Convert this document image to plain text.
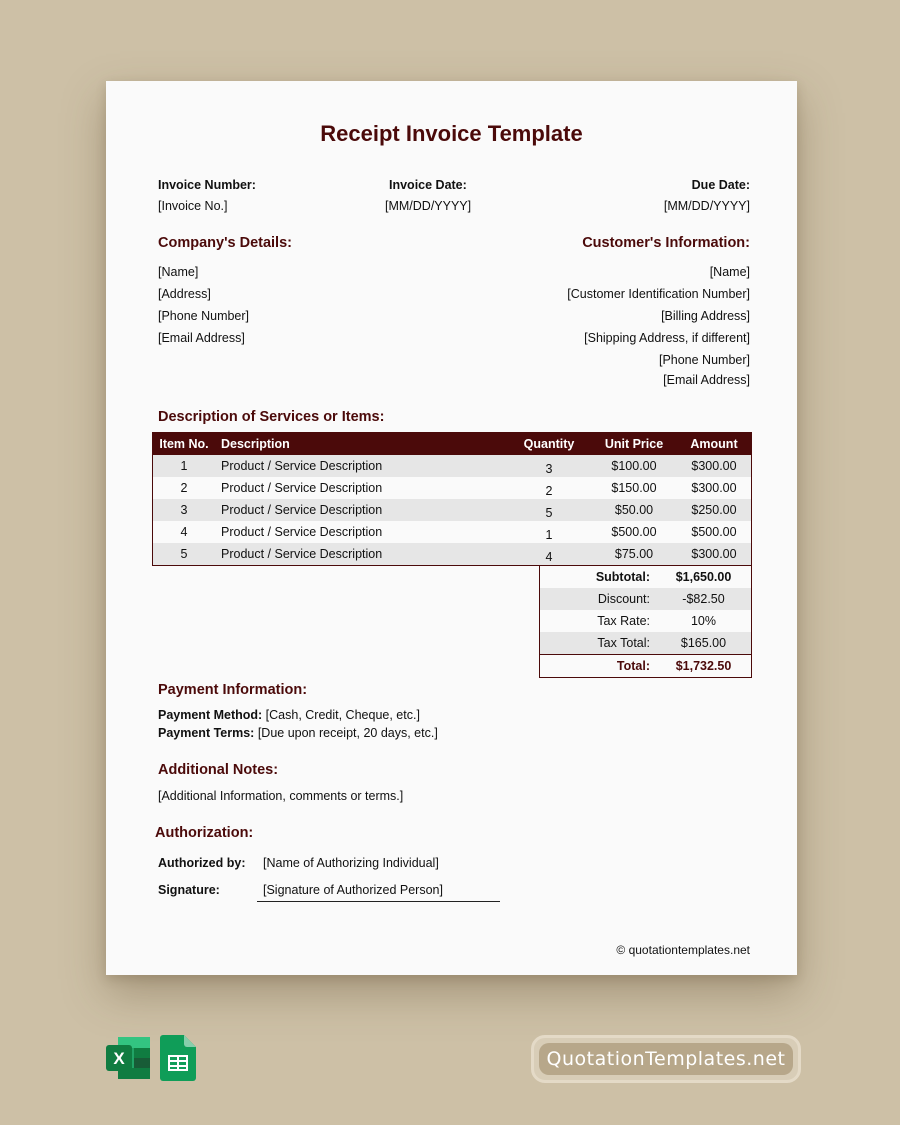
Receipt Invoice Template
Invoice Number:
[Invoice No.]
Invoice Date:
[MM/DD/YYYY]
Due Date:
[MM/DD/YYYY]
Company's Details:
[Name]
[Address]
[Phone Number]
[Email Address]
Customer's Information:
[Name]
[Customer Identification Number]
[Billing Address]
[Shipping Address, if different]
[Phone Number]
[Email Address]
Description of Services or Items:
Item No.	Description	Quantity	Unit Price	Amount
1	Product / Service Description	3	$100.00	$300.00
2	Product / Service Description	2	$150.00	$300.00
3	Product / Service Description	5	$50.00	$250.00
4	Product / Service Description	1	$500.00	$500.00
5	Product / Service Description	4	$75.00	$300.00
Subtotal:	$1,650.00
Discount:	-$82.50
Tax Rate:	10%
Tax Total:	$165.00
Total:	$1,732.50
Payment Information:
Payment Method: [Cash, Credit, Cheque, etc.]
Payment Terms: [Due upon receipt, 20 days, etc.]
Additional Notes:
[Additional Information, comments or terms.]
Authorization:
Authorized by: [Name of Authorizing Individual]
Signature:	[Signature of Authorized Person]
© quotationtemplates.net
X	QuotationTemplates.net
